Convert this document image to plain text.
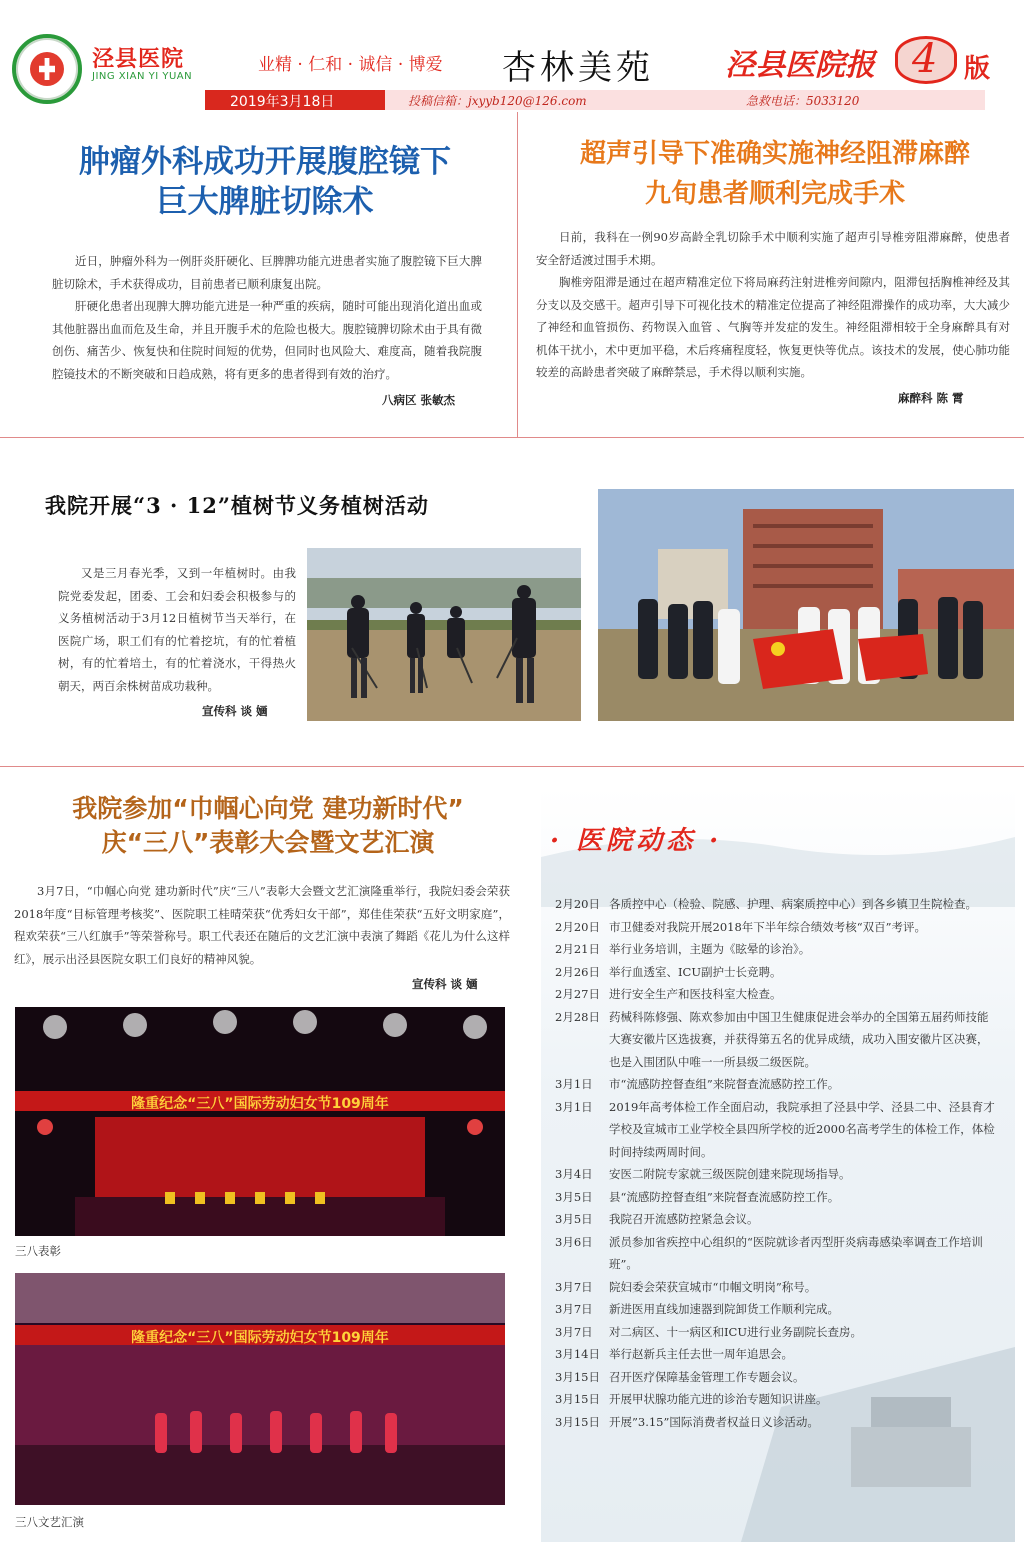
泾县医院
JING XIAN YI YUAN
业精 · 仁和 · 诚信 · 博爱 杏林美苑 泾县医院报 4 版
2019年3月18日	投稿信箱：jxyyb120@126.com	急救电话：5033120
肿瘤外科成功开展腹腔镜下
巨大脾脏切除术

近日，肿瘤外科为一例肝炎肝硬化、巨脾脾功能亢进患者实施了腹腔镜下巨大脾脏切除术，手术获得成功，目前患者已顺利康复出院。

肝硬化患者出现脾大脾功能亢进是一种严重的疾病，随时可能出现消化道出血或其他脏器出血而危及生命，并且开腹手术的危险也极大。腹腔镜脾切除术由于具有微创伤、痛苦少、恢复快和住院时间短的优势，但同时也风险大、难度高，随着我院腹腔镜技术的不断突破和日趋成熟，将有更多的患者得到有效的治疗。

八病区 张敏杰
超声引导下准确实施神经阻滞麻醉
九旬患者顺利完成手术

日前，我科在一例90岁高龄全乳切除手术中顺利实施了超声引导椎旁阻滞麻醉，使患者安全舒适渡过围手术期。

胸椎旁阻滞是通过在超声精准定位下将局麻药注射进椎旁间隙内，阻滞包括胸椎神经及其分支以及交感干。超声引导下可视化技术的精准定位提高了神经阻滞操作的成功率，大大减少了神经和血管损伤、药物误入血管 、气胸等并发症的发生。神经阻滞相较于全身麻醉具有对机体干扰小，术中更加平稳，术后疼痛程度轻，恢复更快等优点。该技术的发展，使心肺功能较差的高龄患者突破了麻醉禁忌，手术得以顺利实施。

麻醉科 陈 霄
我院开展“3 · 12”植树节义务植树活动

又是三月春光季，又到一年植树时。由我院党委发起，团委、工会和妇委会积极参与的义务植树活动于3月12日植树节当天举行，在医院广场，职工们有的忙着挖坑，有的忙着植树，有的忙着培土，有的忙着浇水，干得热火朝天，两百余株树苗成功栽种。

宣传科 谈 婳
我院参加“巾帼心向党 建功新时代”
庆“三八”表彰大会暨文艺汇演

3月7日，“巾帼心向党 建功新时代”庆“三八”表彰大会暨文艺汇演隆重举行，我院妇委会荣获2018年度“目标管理考核奖”、医院职工桂晴荣获“优秀妇女干部”，郑佳佳荣获“五好文明家庭”，程欢荣获“三八红旗手”等荣誉称号。职工代表还在随后的文艺汇演中表演了舞蹈《花儿为什么这样红》，展示出泾县医院女职工们良好的精神风貌。

宣传科 谈 婳
隆重纪念“三八”国际劳动妇女节109周年
三八表彰
隆重纪念“三八”国际劳动妇女节109周年
三八文艺汇演
· 医院动态 ·
2月20日 各质控中心（检验、院感、护理、病案质控中心）到各乡镇卫生院检查。
2月20日 市卫健委对我院开展2018年下半年综合绩效考核“双百”考评。
2月21日 举行业务培训，主题为《眩晕的诊治》。
2月26日 举行血透室、ICU副护士长竞聘。
2月27日 进行安全生产和医技科室大检查。
2月28日 药械科陈修强、陈欢参加由中国卫生健康促进会举办的全国第五届药师技能大赛安徽片区选拔赛，并获得第五名的优异成绩，成功入围安徽片区决赛，也是入围团队中唯一一所县级二级医院。
3月1日	市“流感防控督查组”来院督查流感防控工作。
3月1日	2019年高考体检工作全面启动，我院承担了泾县中学、泾县二中、泾县育才学校及宣城市工业学校全县四所学校的近2000名高考学生的体检工作，体检时间持续两周时间。
3月4日	安医二附院专家就三级医院创建来院现场指导。
3月5日	县“流感防控督查组”来院督查流感防控工作。
3月5日	我院召开流感防控紧急会议。
3月6日	派员参加省疾控中心组织的“医院就诊者丙型肝炎病毒感染率调查工作培训班”。
3月7日	院妇委会荣获宣城市“巾帼文明岗”称号。
3月7日	新进医用直线加速器到院卸货工作顺利完成。
3月7日	对二病区、十一病区和ICU进行业务副院长查房。
3月14日 举行赵新兵主任去世一周年追思会。
3月15日 召开医疗保障基金管理工作专题会议。
3月15日 开展甲状腺功能亢进的诊治专题知识讲座。
3月15日 开展”3.15”国际消费者权益日义诊活动。
